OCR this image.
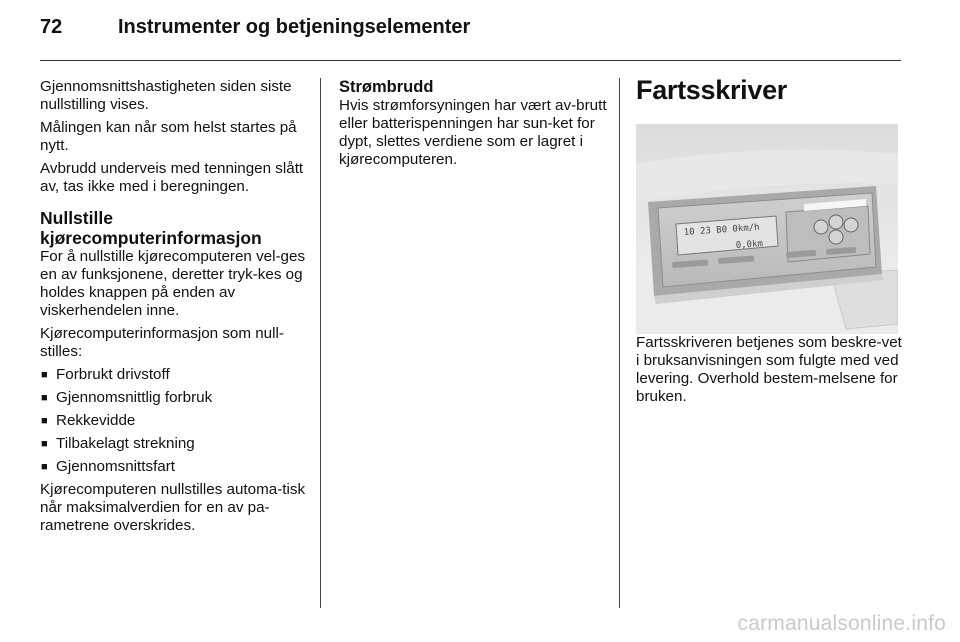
72	Instrumenter og betjeningselementer

Gjennomsnittshastigheten siden siste nullstilling vises.

Målingen kan når som helst startes på nytt.

Avbrudd underveis med tenningen slått av, tas ikke med i beregningen.

Nullstille kjørecomputerinformasjon

For å nullstille kjørecomputeren vel-ges en av funksjonene, deretter tryk-kes og holdes knappen på enden av viskerhendelen inne.

Kjørecomputerinformasjon som null-stilles:

■ Forbrukt drivstoff
■ Gjennomsnittlig forbruk
■ Rekkevidde
■ Tilbakelagt strekning
■ Gjennomsnittsfart

Kjørecomputeren nullstilles automa-tisk når maksimalverdien for en av pa-rametrene overskrides.

Strømbrudd

Hvis strømforsyningen har vært av-brutt eller batterispenningen har sun-ket for dypt, slettes verdiene som er lagret i kjørecomputeren.

Fartsskriver
10 23 B0 0km/h
0,0km

Fartsskriveren betjenes som beskre-vet i bruksanvisningen som fulgte med ved levering. Overhold bestem-melsene for bruken.

carmanualsonline.info
